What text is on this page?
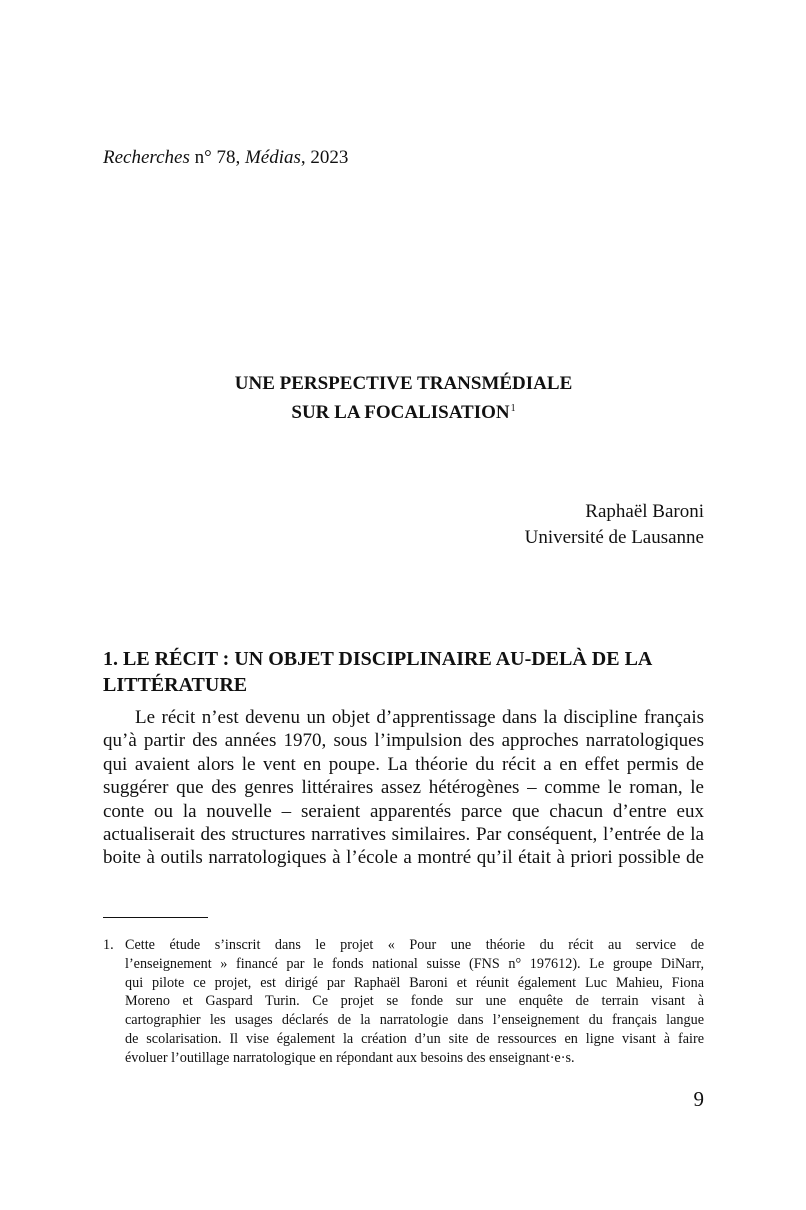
Recherches n° 78, Médias, 2023
UNE PERSPECTIVE TRANSMÉDIALE
SUR LA FOCALISATION$^1$
Raphaël Baroni
Université de Lausanne
1. LE RÉCIT : UN OBJET DISCIPLINAIRE AU-DELÀ DE LA LITTÉRATURE
Le récit n’est devenu un objet d’apprentissage dans la discipline français
qu’à partir des années 1970, sous l’impulsion des approches narratologiques
qui avaient alors le vent en poupe. La théorie du récit a en effet permis de
suggérer que des genres littéraires assez hétérogènes – comme le roman, le
conte ou la nouvelle – seraient apparentés parce que chacun d’entre eux
actualiserait des structures narratives similaires. Par conséquent, l’entrée de la
boite à outils narratologiques à l’école a montré qu’il était à priori possible de
1. Cette étude s’inscrit dans le projet « Pour une théorie du récit au service de
l’enseignement » financé par le fonds national suisse (FNS n° 197612). Le groupe DiNarr,
qui pilote ce projet, est dirigé par Raphaël Baroni et réunit également Luc Mahieu, Fiona
Moreno et Gaspard Turin. Ce projet se fonde sur une enquête de terrain visant à
cartographier les usages déclarés de la narratologie dans l’enseignement du français langue
de scolarisation. Il vise également la création d’un site de ressources en ligne visant à faire
évoluer l’outillage narratologique en répondant aux besoins des enseignant·e·s.
9
